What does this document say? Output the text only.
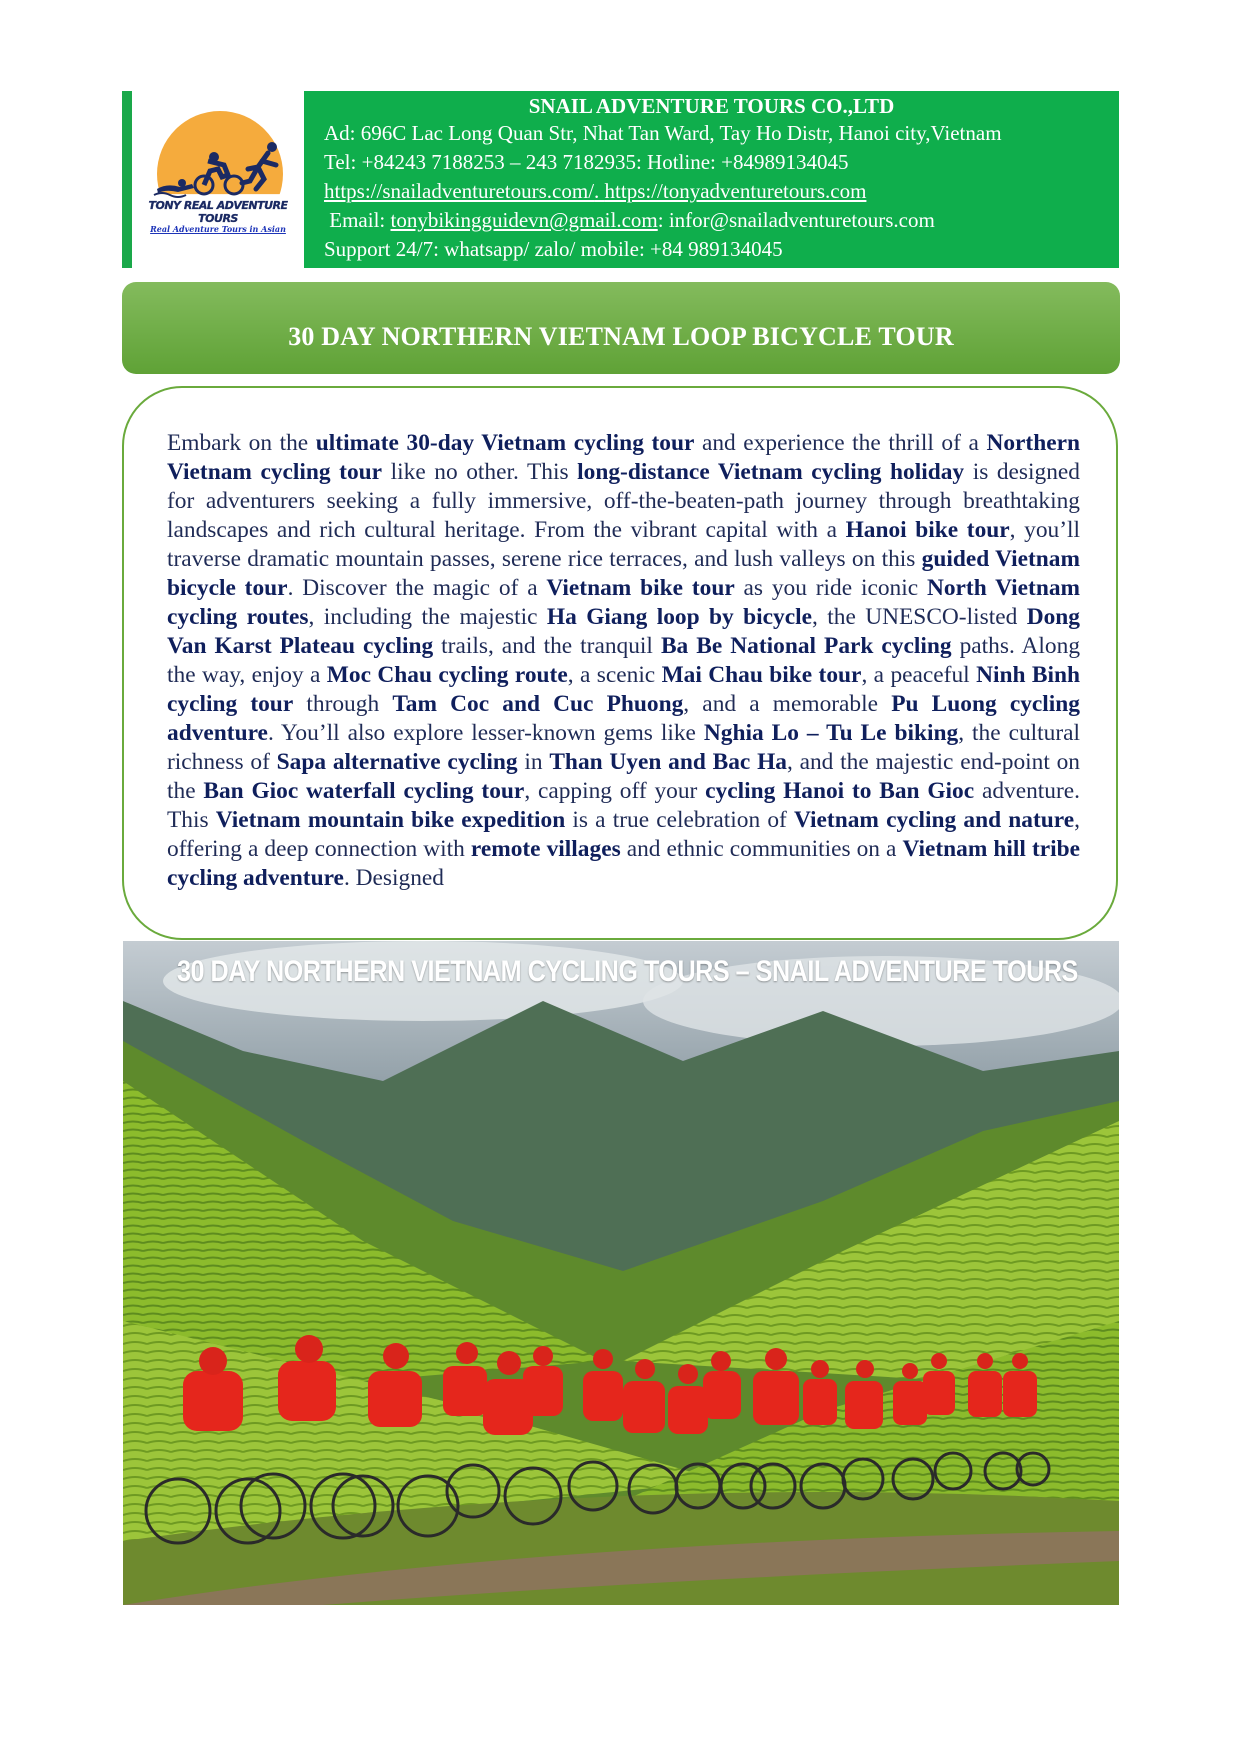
TONY REAL ADVENTURE TOURS
Real Adventure Tours in Asian
SNAIL ADVENTURE TOURS CO.,LTD
Ad: 696C Lac Long Quan Str, Nhat Tan Ward, Tay Ho Distr, Hanoi city,Vietnam
Tel: +84243 7188253 – 243 7182935: Hotline: +84989134045
https://snailadventuretours.com/. https://tonyadventuretours.com
Email: tonybikingguidevn@gmail.com: infor@snailadventuretours.com
Support 24/7: whatsapp/ zalo/ mobile: +84 989134045
30 DAY NORTHERN VIETNAM LOOP BICYCLE TOUR
Embark on the ultimate 30-day Vietnam cycling tour and experience the thrill of a Northern Vietnam cycling tour like no other. This long-distance Vietnam cycling holiday is designed for adventurers seeking a fully immersive, off-the-beaten-path journey through breathtaking landscapes and rich cultural heritage. From the vibrant capital with a Hanoi bike tour, you’ll traverse dramatic mountain passes, serene rice terraces, and lush valleys on this guided Vietnam bicycle tour. Discover the magic of a Vietnam bike tour as you ride iconic North Vietnam cycling routes, including the majestic Ha Giang loop by bicycle, the UNESCO-listed Dong Van Karst Plateau cycling trails, and the tranquil Ba Be National Park cycling paths. Along the way, enjoy a Moc Chau cycling route, a scenic Mai Chau bike tour, a peaceful Ninh Binh cycling tour through Tam Coc and Cuc Phuong, and a memorable Pu Luong cycling adventure. You’ll also explore lesser-known gems like Nghia Lo – Tu Le biking, the cultural richness of Sapa alternative cycling in Than Uyen and Bac Ha, and the majestic end-point on the Ban Gioc waterfall cycling tour, capping off your cycling Hanoi to Ban Gioc adventure. This Vietnam mountain bike expedition is a true celebration of Vietnam cycling and nature, offering a deep connection with remote villages and ethnic communities on a Vietnam hill tribe cycling adventure. Designed
30 DAY NORTHERN VIETNAM CYCLING TOURS – SNAIL ADVENTURE TOURS
